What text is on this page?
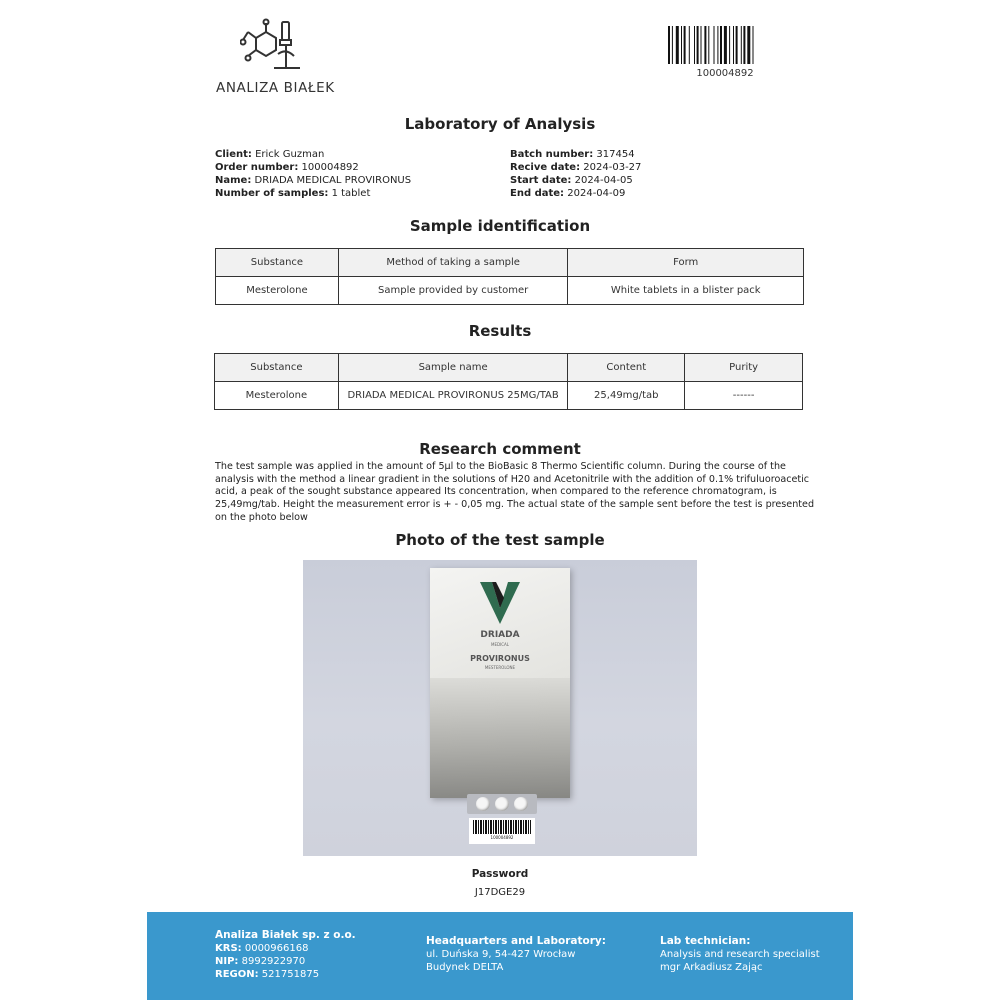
ANALIZA BIAŁEK
100004892
Laboratory of Analysis
Client: Erick Guzman
Order number: 100004892
Name: DRIADA MEDICAL PROVIRONUS
Number of samples: 1 tablet
Batch number: 317454
Recive date: 2024-03-27
Start date: 2024-04-05
End date: 2024-04-09
Sample identification
Substance	Method of taking a sample	Form
Mesterolone	Sample provided by customer	White tablets in a blister pack
Results
Substance	Sample name	Content	Purity
Mesterolone	DRIADA MEDICAL PROVIRONUS 25MG/TAB	25,49mg/tab	------
Research comment
The test sample was applied in the amount of 5µl to the BioBasic 8 Thermo Scientific column. During the course of the analysis with the method a linear gradient in the solutions of H20 and Acetonitrile with the addition of 0.1% trifuluoroacetic acid, a peak of the sought substance appeared Its concentration, when compared to the reference chromatogram, is 25,49mg/tab. Height the measurement error is + - 0,05 mg. The actual state of the sample sent before the test is presented on the photo below
Photo of the test sample
DRIADA
MEDICAL
PROVIRONUS
MESTEROLONE
100004892
Password
J17DGE29
Analiza Białek sp. z o.o.
KRS: 0000966168
NIP: 8992922970
REGON: 521751875
Headquarters and Laboratory:
ul. Duńska 9, 54-427 Wrocław
Budynek DELTA
Lab technician:
Analysis and research specialist
mgr Arkadiusz Zając
